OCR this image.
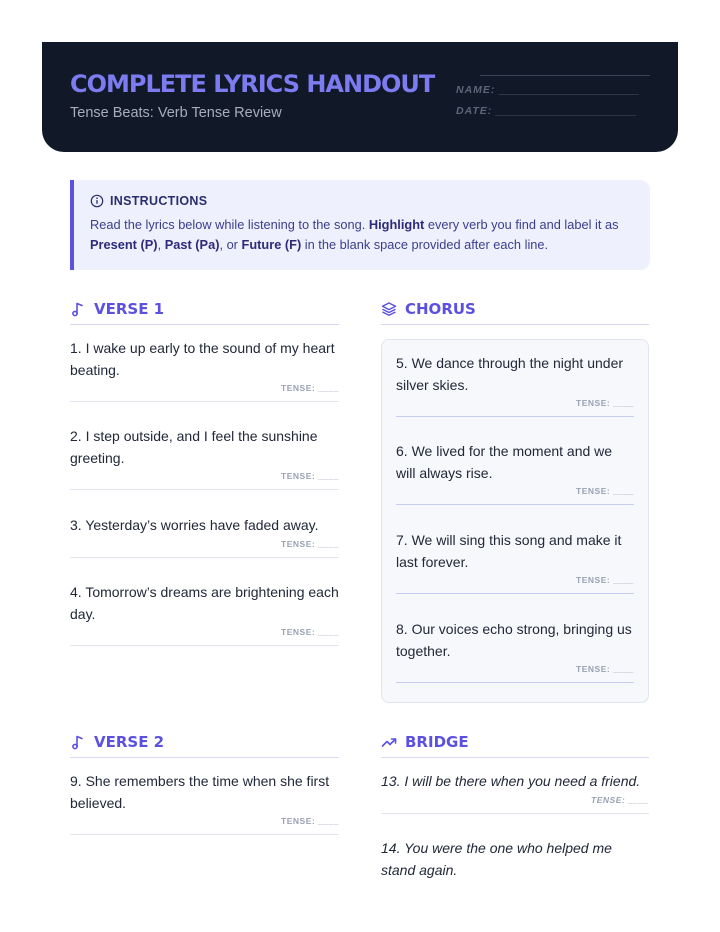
COMPLETE LYRICS HANDOUT
Tense Beats: Verb Tense Review
NAME: ________________________
DATE: ________________________
INSTRUCTIONS
Read the lyrics below while listening to the song. Highlight every verb you find and label it as Present (P), Past (Pa), or Future (F) in the blank space provided after each line.
VERSE 1
1. I wake up early to the sound of my heart beating.
TENSE: ____
2. I step outside, and I feel the sunshine greeting.
TENSE: ____
3. Yesterday’s worries have faded away.
TENSE: ____
4. Tomorrow’s dreams are brightening each day.
TENSE: ____
CHORUS
5. We dance through the night under silver skies.
TENSE: ____
6. We lived for the moment and we will always rise.
TENSE: ____
7. We will sing this song and make it last forever.
TENSE: ____
8. Our voices echo strong, bringing us together.
TENSE: ____
VERSE 2
9. She remembers the time when she first believed.
TENSE: ____
BRIDGE
13. I will be there when you need a friend.
TENSE: ____
14. You were the one who helped me stand again.
